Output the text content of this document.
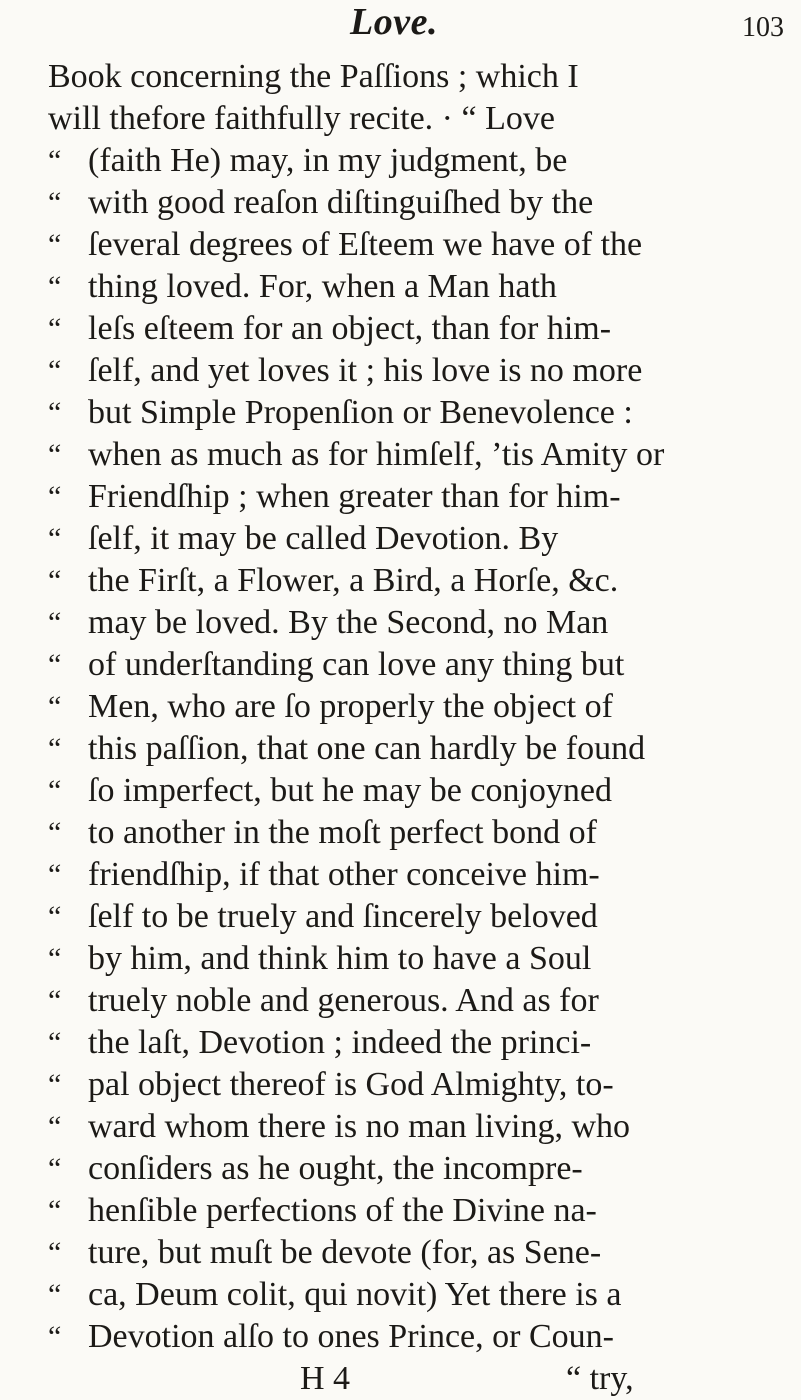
Love.	103
Book concerning the Paſſions ; which I
will thefore faithfully recite. · “ Love
“ (faith He) may, in my judgment, be
“ with good reaſon diſtinguiſhed by the
“ ſeveral degrees of Eſteem we have of the
“ thing loved. For, when a Man hath
“ leſs eſteem for an object, than for him-
“ ſelf, and yet loves it ; his love is no more
“ but Simple Propenſion or Benevolence :
“ when as much as for himſelf, ’tis Amity or
“ Friendſhip ; when greater than for him-
“ ſelf, it may be called Devotion. By
“ the Firſt, a Flower, a Bird, a Horſe, &c.
“ may be loved. By the Second, no Man
“ of underſtanding can love any thing but
“ Men, who are ſo properly the object of
“ this paſſion, that one can hardly be found
“ ſo imperfect, but he may be conjoyned
“ to another in the moſt perfect bond of
“ friendſhip, if that other conceive him-
“ ſelf to be truely and ſincerely beloved
“ by him, and think him to have a Soul
“ truely noble and generous. And as for
“ the laſt, Devotion ; indeed the princi-
“ pal object thereof is God Almighty, to-
“ ward whom there is no man living, who
“ conſiders as he ought, the incompre-
“ henſible perfections of the Divine na-
“ ture, but muſt be devote (for, as Sene-
“ ca, Deum colit, qui novit) Yet there is a
“ Devotion alſo to ones Prince, or Coun-
H 4	“ try,
